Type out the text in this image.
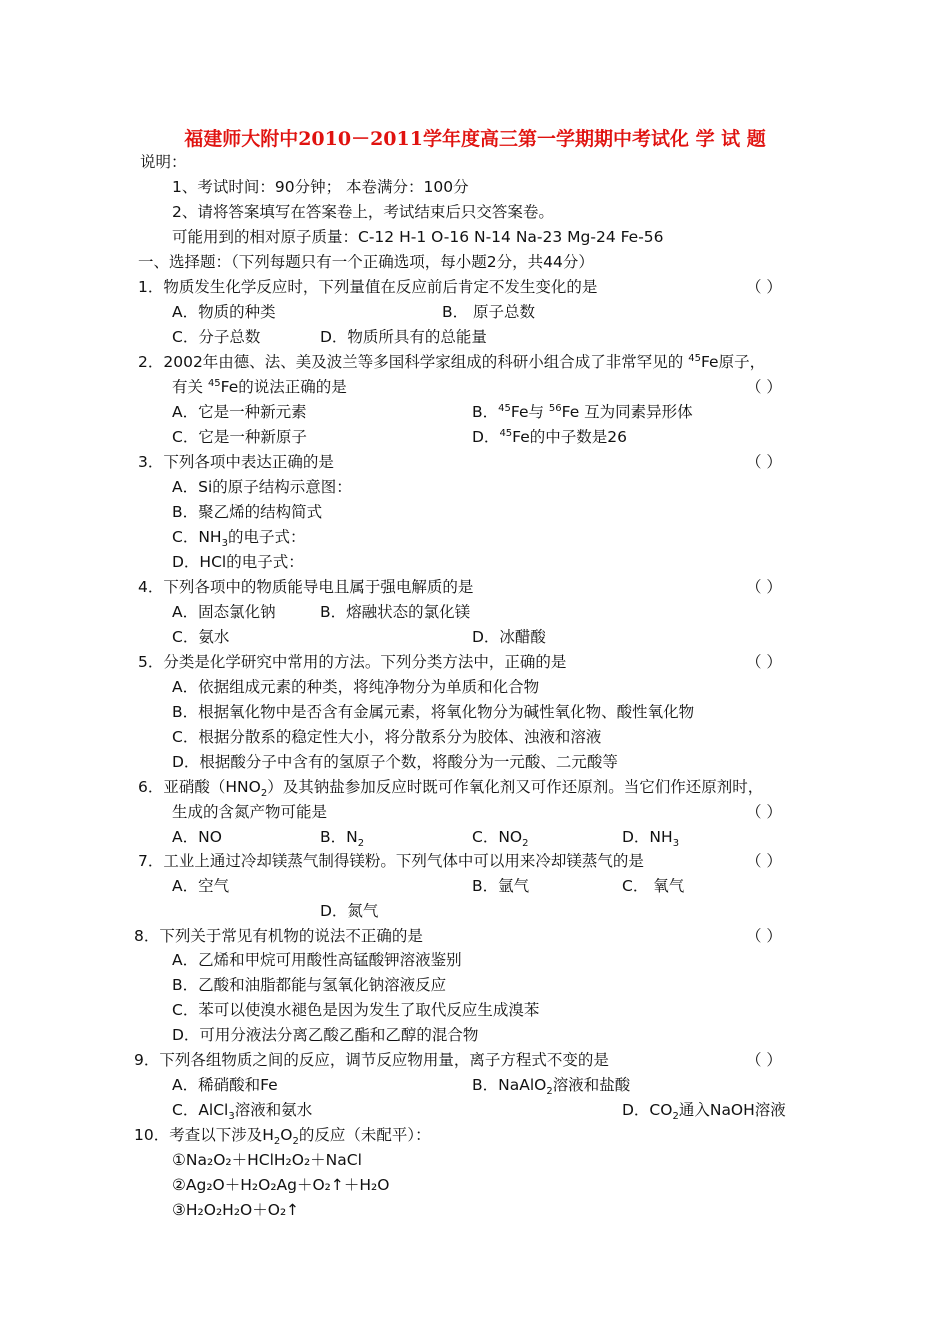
福建师大附中2010－2011学年度高三第一学期期中考试化 学 试 题
说明：
1、考试时间：90分钟； 本卷满分：100分
2、请将答案填写在答案卷上，考试结束后只交答案卷。
可能用到的相对原子质量：C-12 H-1 O-16 N-14 Na-23 Mg-24 Fe-56
一、选择题：（下列每题只有一个正确选项，每小题2分，共44分）
1．物质发生化学反应时，下列量值在反应前后肯定不发生变化的是	（ ）
A．物质的种类	B． 原子总数
C．分子总数	D．物质所具有的总能量
2．2002年由德、法、美及波兰等多国科学家组成的科研小组合成了非常罕见的 $^{45}$Fe原子，
有关 $^{45}$Fe的说法正确的是	（ ）
A．它是一种新元素	B．$^{45}$Fe与 $^{56}$Fe 互为同素异形体
C．它是一种新原子	D．$^{45}$Fe的中子数是26
3．下列各项中表达正确的是	（ ）
A．Si的原子结构示意图：
B．聚乙烯的结构简式
C．$NH_3$的电子式：
D．HCl的电子式：
4．下列各项中的物质能导电且属于强电解质的是	（ ）
A．固态氯化钠	B．熔融状态的氯化镁
C．氨水	D．冰醋酸
5．分类是化学研究中常用的方法。下列分类方法中，正确的是	（ ）
A．依据组成元素的种类，将纯净物分为单质和化合物
B．根据氧化物中是否含有金属元素，将氧化物分为碱性氧化物、酸性氧化物
C．根据分散系的稳定性大小，将分散系分为胶体、浊液和溶液
D．根据酸分子中含有的氢原子个数，将酸分为一元酸、二元酸等
6．亚硝酸$(HNO_2)$及其钠盐参加反应时既可作氧化剂又可作还原剂。当它们作还原剂时，
生成的含氮产物可能是	（ ）
A．NO	B．$N_2$	C．$NO_2$	D．$NH_3$
7．工业上通过冷却镁蒸气制得镁粉。下列气体中可以用来冷却镁蒸气的是	（ ）
A．空气	B．氩气	C． 氧气
D．氮气
8．下列关于常见有机物的说法不正确的是	（ ）
A．乙烯和甲烷可用酸性高锰酸钾溶液鉴别
B．乙酸和油脂都能与氢氧化钠溶液反应
C．苯可以使溴水褪色是因为发生了取代反应生成溴苯
D．可用分液法分离乙酸乙酯和乙醇的混合物
9．下列各组物质之间的反应，调节反应物用量，离子方程式不变的是	（ ）
A．稀硝酸和Fe	B．NaAlO$_2$溶液和盐酸
C．AlCl$_3$溶液和氨水	D．$CO_2$通入NaOH溶液
10．考查以下涉及$H_2O_2$的反应（未配平）：
①Na₂O₂＋HClH₂O₂＋NaCl
②Ag₂O＋H₂O₂Ag＋O₂↑＋H₂O
③H₂O₂H₂O＋O₂↑
